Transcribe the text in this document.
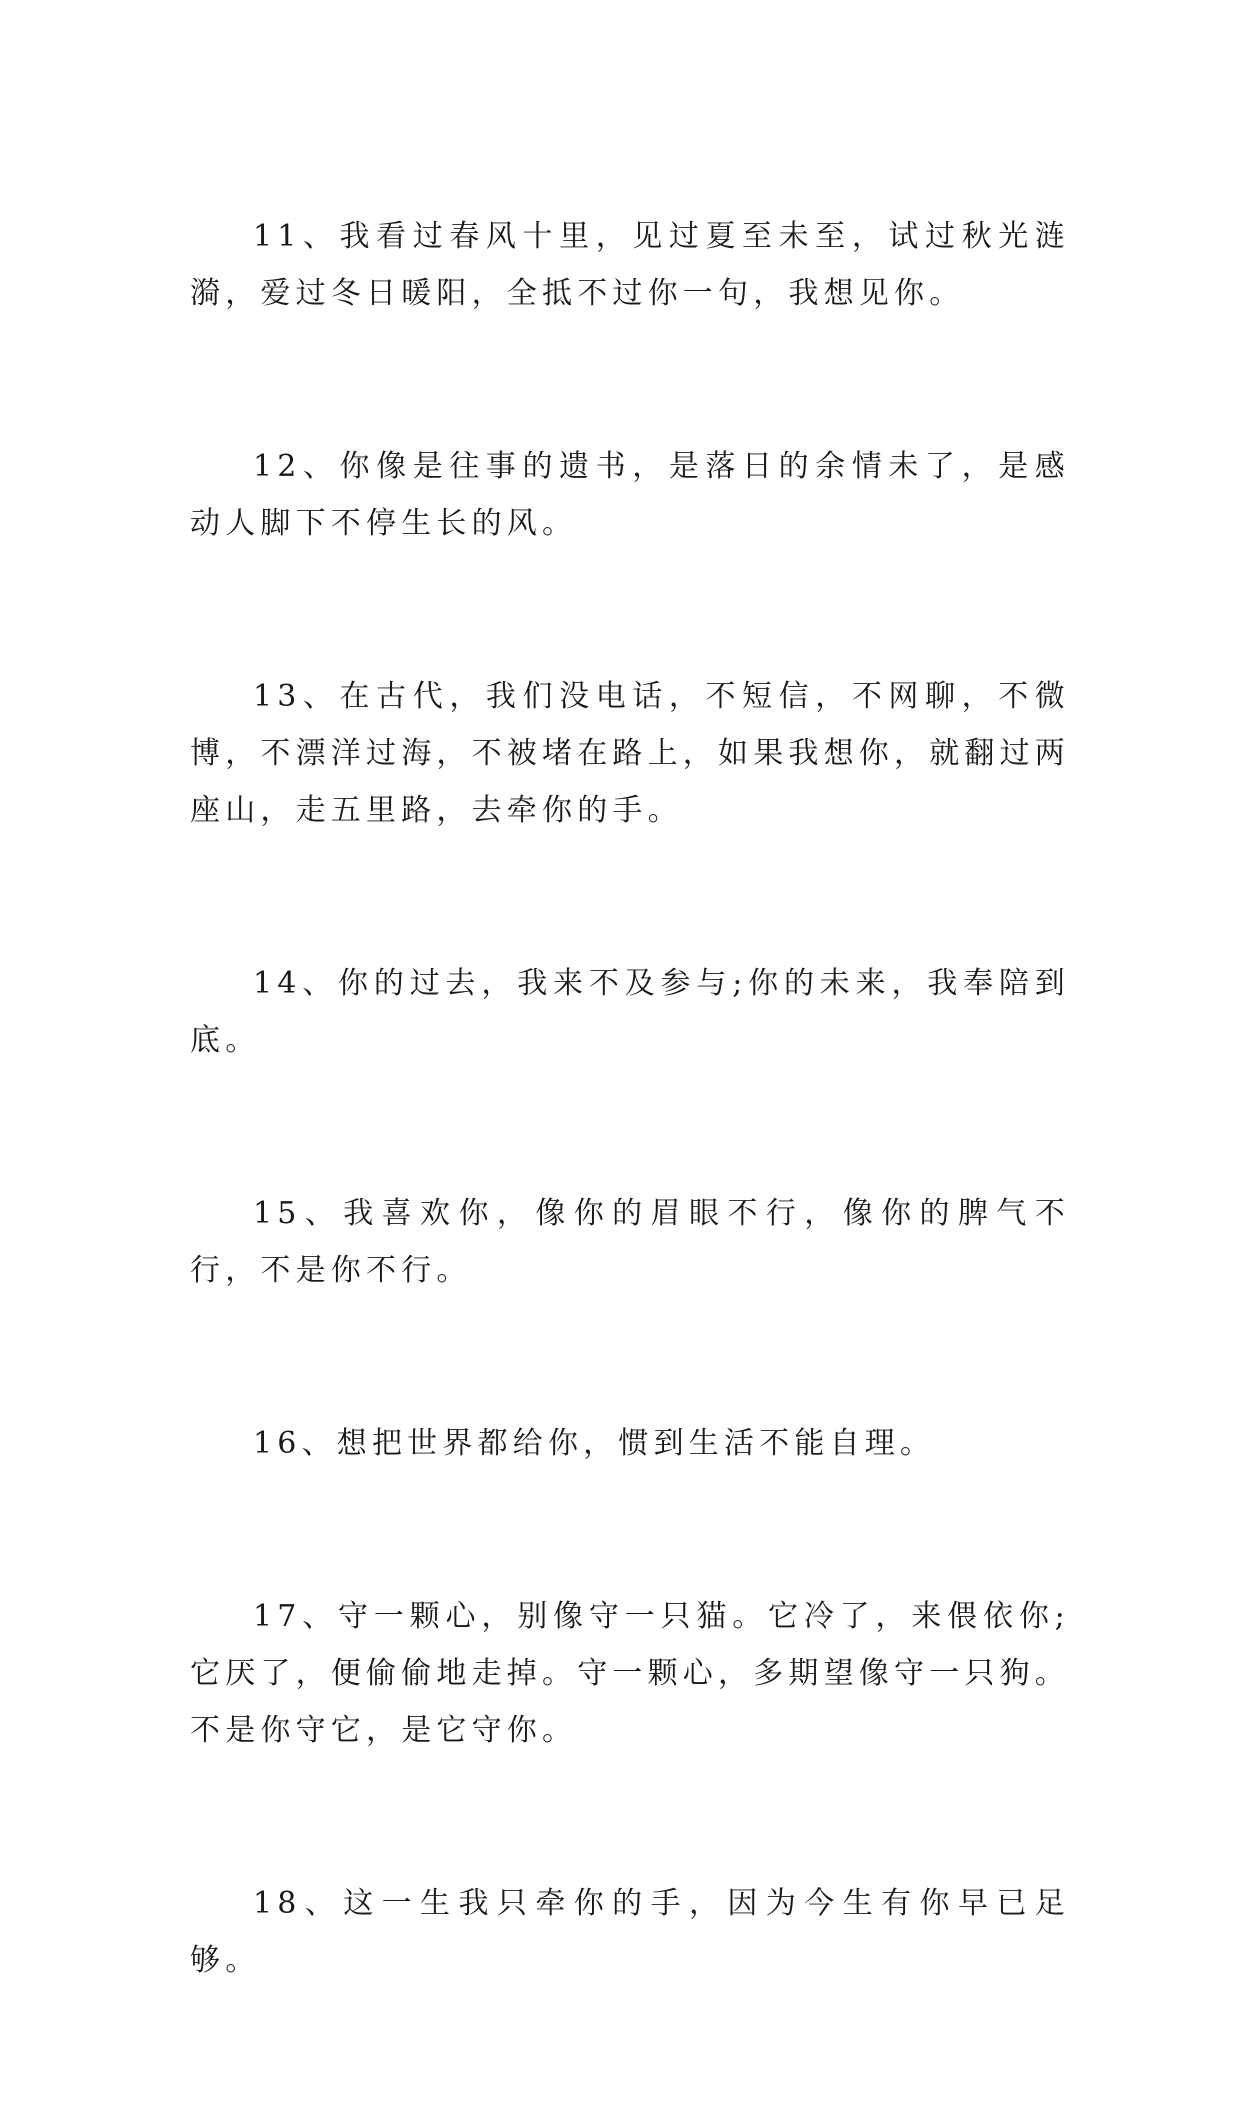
11、我看过春风十里，见过夏至未至，试过秋光涟漪，爱过冬日暖阳，全抵不过你一句，我想见你。

12、你像是往事的遗书，是落日的余情未了，是感动人脚下不停生长的风。

13、在古代，我们没电话，不短信，不网聊，不微博，不漂洋过海，不被堵在路上，如果我想你，就翻过两座山，走五里路，去牵你的手。

14、你的过去，我来不及参与;你的未来，我奉陪到底。

15、我喜欢你，像你的眉眼不行，像你的脾气不行，不是你不行。

16、想把世界都给你，惯到生活不能自理。

17、守一颗心，别像守一只猫。它冷了，来偎依你;它厌了，便偷偷地走掉。守一颗心，多期望像守一只狗。不是你守它，是它守你。

18、这一生我只牵你的手，因为今生有你早已足够。
